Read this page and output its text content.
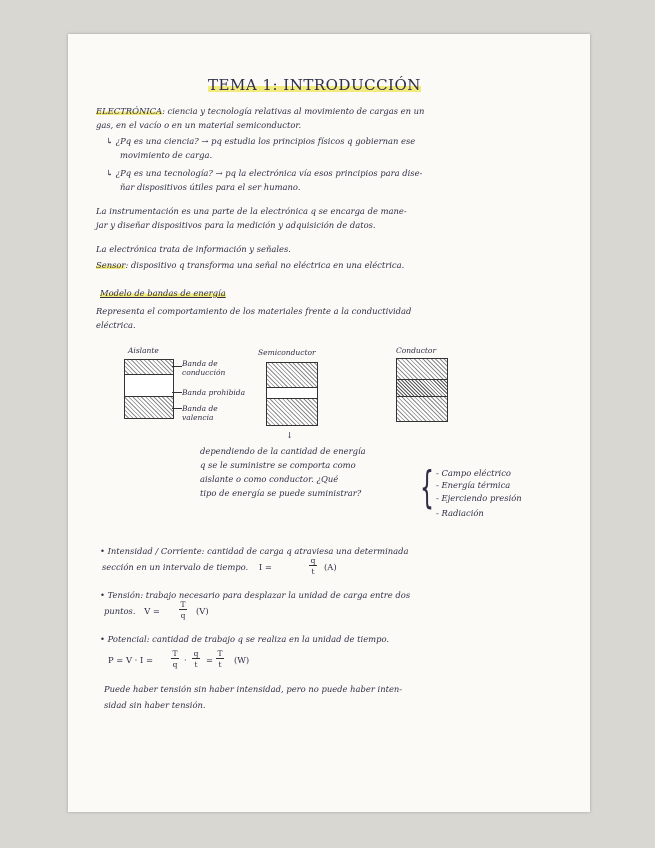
TEMA 1: INTRODUCCIÓN
ELECTRÓNICA: ciencia y tecnología relativas al movimiento de cargas en un
gas, en el vacío o en un material semiconductor.
↳ ¿Pq es una ciencia? → pq estudia los principios físicos q gobiernan ese
movimiento de carga.
↳ ¿Pq es una tecnología? → pq la electrónica vía esos principios para dise-
ñar dispositivos útiles para el ser humano.
La instrumentación es una parte de la electrónica q se encarga de mane-
jar y diseñar dispositivos para la medición y adquisición de datos.
La electrónica trata de información y señales.
Sensor: dispositivo q transforma una señal no eléctrica en una eléctrica.
Modelo de bandas de energía
Representa el comportamiento de los materiales frente a la conductividad
eléctrica.
Aislante	Semiconductor	Conductor
Banda de
conducción
Banda prohibida
Banda de
valencia
↓
dependiendo de la cantidad de energía
q se le suministre se comporta como
aislante o como conductor. ¿Qué
tipo de energía se puede suministrar? { - Campo eléctrico
- Energía térmica
- Ejerciendo presión
- Radiación
• Intensidad / Corriente: cantidad de carga q atraviesa una determinada
sección en un intervalo de tiempo. I =
q
t (A)
• Tensión: trabajo necesario para desplazar la unidad de carga entre dos
puntos. V =
T
q (V)
• Potencial: cantidad de trabajo q se realiza en la unidad de tiempo.
P = V · I =
T
q ·
q
t =
T
t (W)
Puede haber tensión sin haber intensidad, pero no puede haber inten-
sidad sin haber tensión.
